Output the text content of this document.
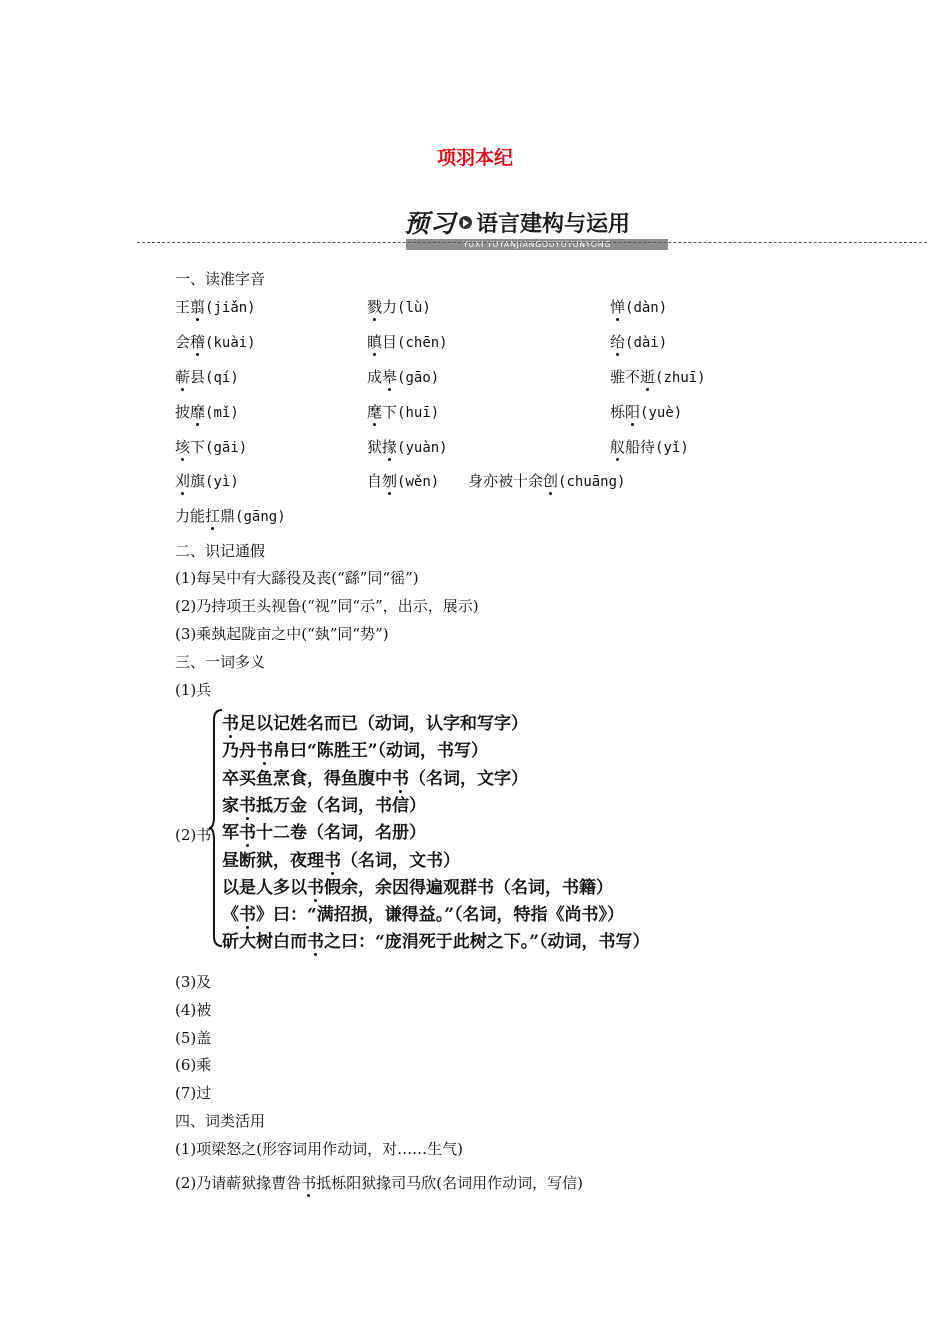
项羽本纪
预习 语言建构与运用
YUXI YUYANJIANGOUYUYUNYONG
一、读准字音
王翦(jiǎn)	戮力(lù)	惮(dàn)
会稽(kuài)	瞋目(chēn)	绐(dài)
蕲县(qí)	成皋(gāo)	骓不逝(zhuī)
披靡(mǐ)	麾下(huī)	栎阳(yuè)
垓下(gāi)	狱掾(yuàn)	舣船待(yǐ)
刈旗(yì)	自刎(wěn) 身亦被十余创(chuāng)
力能扛鼎(gāng)
二、识记通假
(1)每吴中有大繇役及丧(“繇”同“徭”)
(2)乃持项王头视鲁(“视”同“示”，出示，展示)
(3)乘埶起陇亩之中(“埶”同“势”)
三、一词多义
(1)兵
(2)书
书足以记姓名而已（动词，认字和写字）
乃丹书帛曰“陈胜王”（动词，书写）
卒买鱼烹食，得鱼腹中书（名词，文字）
家书抵万金（名词，书信）
军书十二卷（名词，名册）
昼断狱，夜理书（名词，文书）
以是人多以书假余，余因得遍观群书（名词，书籍）
《书》曰：“满招损，谦得益。”（名词，特指《尚书》）
斫大树白而书之曰：“庞涓死于此树之下。”（动词，书写）
(3)及
(4)被
(5)盖
(6)乘
(7)过
四、词类活用
(1)项梁怒之(形容词用作动词，对……生气)
(2)乃请蕲狱掾曹咎书抵栎阳狱掾司马欣(名词用作动词，写信)
